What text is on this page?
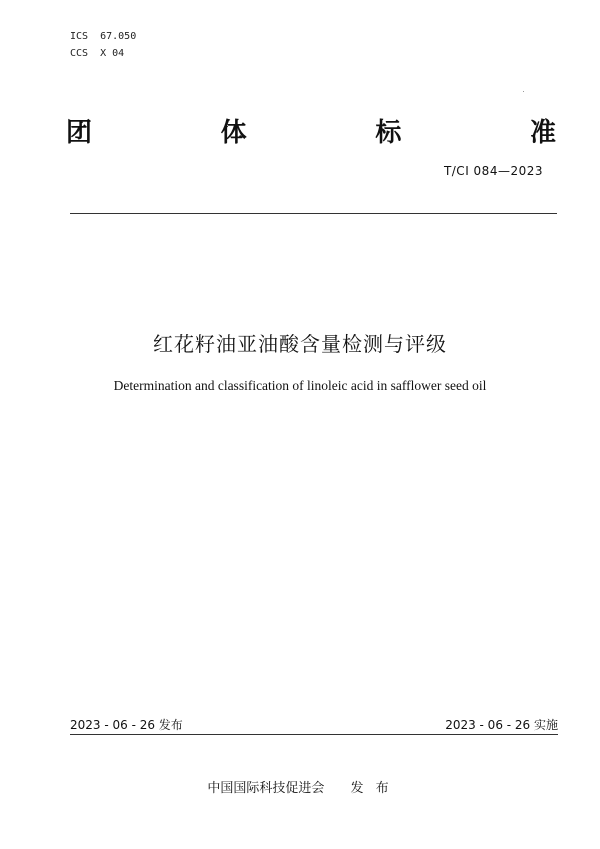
ICS  67.050
CCS  X 04
团	体	标	准
T/CI 084—2023
红花籽油亚油酸含量检测与评级
Determination and classification of linoleic acid in safflower seed oil
2023 - 06 - 26 发布	2023 - 06 - 26 实施
中国国际科技促进会 发 布
